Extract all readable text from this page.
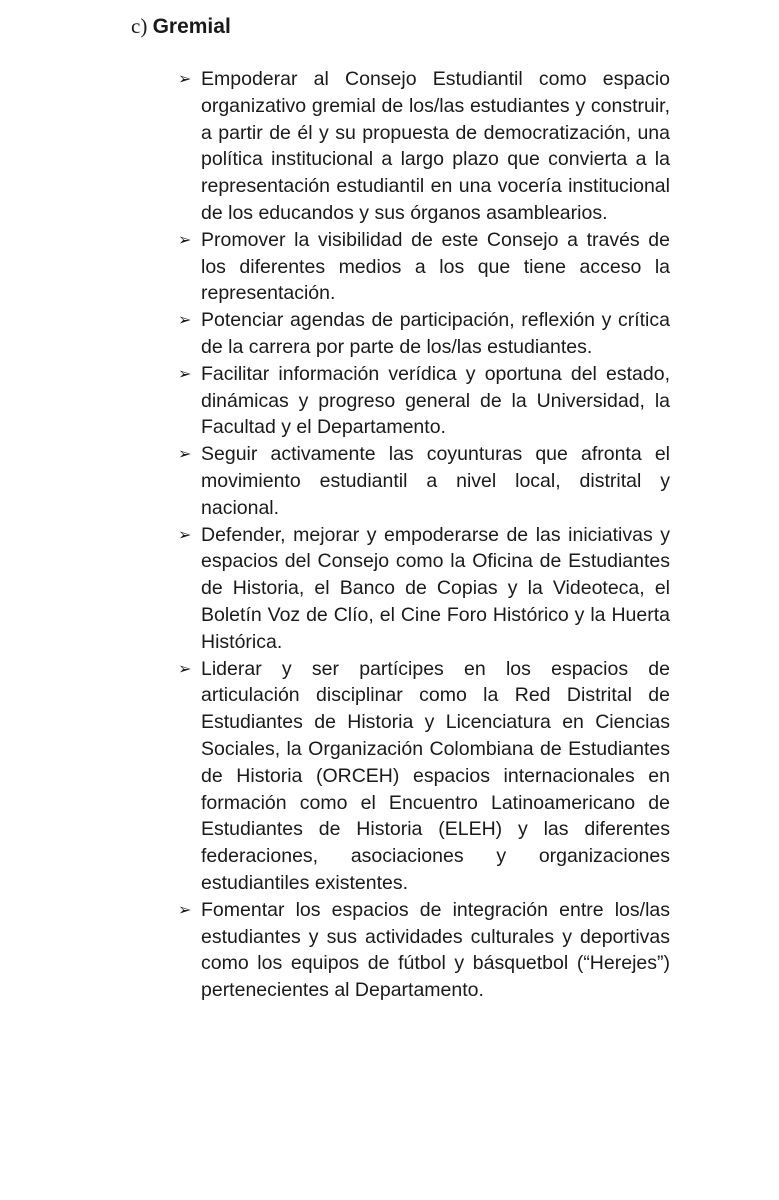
c) Gremial
➢ Empoderar al Consejo Estudiantil como espacio organizativo gremial de los/las estudiantes y construir, a partir de él y su propuesta de democratización, una política institucional a largo plazo que convierta a la representación estudiantil en una vocería institucional de los educandos y sus órganos asamblearios.
➢ Promover la visibilidad de este Consejo a través de los diferentes medios a los que tiene acceso la representación.
➢ Potenciar agendas de participación, reflexión y crítica de la carrera por parte de los/las estudiantes.
➢ Facilitar información verídica y oportuna del estado, dinámicas y progreso general de la Universidad, la Facultad y el Departamento.
➢ Seguir activamente las coyunturas que afronta el movimiento estudiantil a nivel local, distrital y nacional.
➢ Defender, mejorar y empoderarse de las iniciativas y espacios del Consejo como la Oficina de Estudiantes de Historia, el Banco de Copias y la Videoteca, el Boletín Voz de Clío, el Cine Foro Histórico y la Huerta Histórica.
➢ Liderar y ser partícipes en los espacios de articulación disciplinar como la Red Distrital de Estudiantes de Historia y Licenciatura en Ciencias Sociales, la Organización Colombiana de Estudiantes de Historia (ORCEH) espacios internacionales en formación como el Encuentro Latinoamericano de Estudiantes de Historia (ELEH) y las diferentes federaciones, asociaciones y organizaciones estudiantiles existentes.
➢ Fomentar los espacios de integración entre los/las estudiantes y sus actividades culturales y deportivas como los equipos de fútbol y básquetbol (“Herejes”) pertenecientes al Departamento.
